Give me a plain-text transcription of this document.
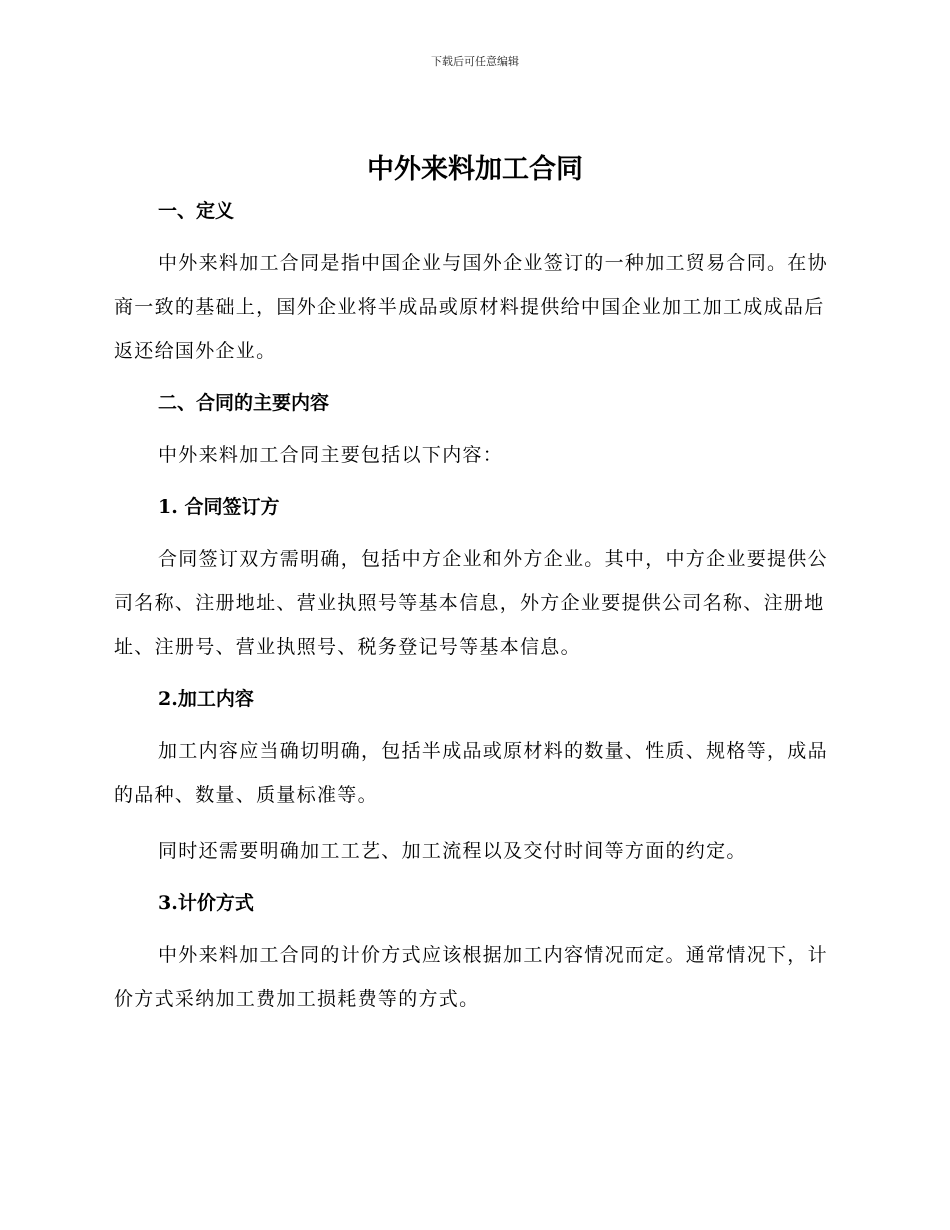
下载后可任意编辑
中外来料加工合同
一、定义

中外来料加工合同是指中国企业与国外企业签订的一种加工贸易合同。在协商一致的基础上，国外企业将半成品或原材料提供给中国企业加工加工成成品后返还给国外企业。

二、合同的主要内容

中外来料加工合同主要包括以下内容：

1. 合同签订方

合同签订双方需明确，包括中方企业和外方企业。其中，中方企业要提供公司名称、注册地址、营业执照号等基本信息，外方企业要提供公司名称、注册地址、注册号、营业执照号、税务登记号等基本信息。

2.加工内容

加工内容应当确切明确，包括半成品或原材料的数量、性质、规格等，成品的品种、数量、质量标准等。

同时还需要明确加工工艺、加工流程以及交付时间等方面的约定。

3.计价方式

中外来料加工合同的计价方式应该根据加工内容情况而定。通常情况下，计价方式采纳加工费加工损耗费等的方式。
